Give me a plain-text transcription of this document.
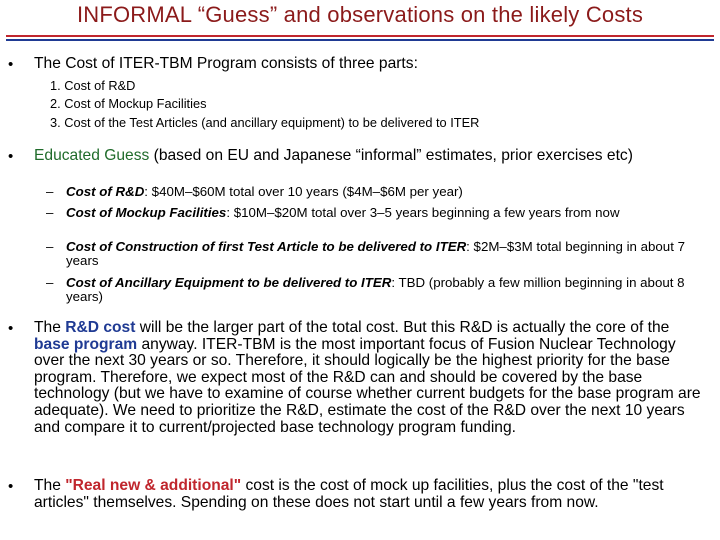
INFORMAL “Guess” and observations on the likely Costs
• The Cost of ITER-TBM Program consists of three parts:
1. Cost of R&D
2. Cost of Mockup Facilities
3. Cost of the Test Articles (and ancillary equipment) to be delivered to ITER
• Educated Guess (based on EU and Japanese “informal” estimates, prior exercises etc)
– Cost of R&D: $40M–$60M total over 10 years ($4M–$6M per year)
– Cost of Mockup Facilities: $10M–$20M total over 3–5 years beginning a few years from now
– Cost of Construction of first Test Article to be delivered to ITER: $2M–$3M total beginning in about 7 years
– Cost of Ancillary Equipment to be delivered to ITER: TBD (probably a few million beginning in about 8 years)
• The R&D cost will be the larger part of the total cost. But this R&D is actually the core of the base program anyway. ITER-TBM is the most important focus of Fusion Nuclear Technology over the next 30 years or so. Therefore, it should logically be the highest priority for the base program. Therefore, we expect most of the R&D can and should be covered by the base technology (but we have to examine of course whether current budgets for the base program are adequate). We need to prioritize the R&D, estimate the cost of the R&D over the next 10 years and compare it to current/projected base technology program funding.
• The "Real new & additional" cost is the cost of mock up facilities, plus the cost of the "test articles" themselves. Spending on these does not start until a few years from now.
